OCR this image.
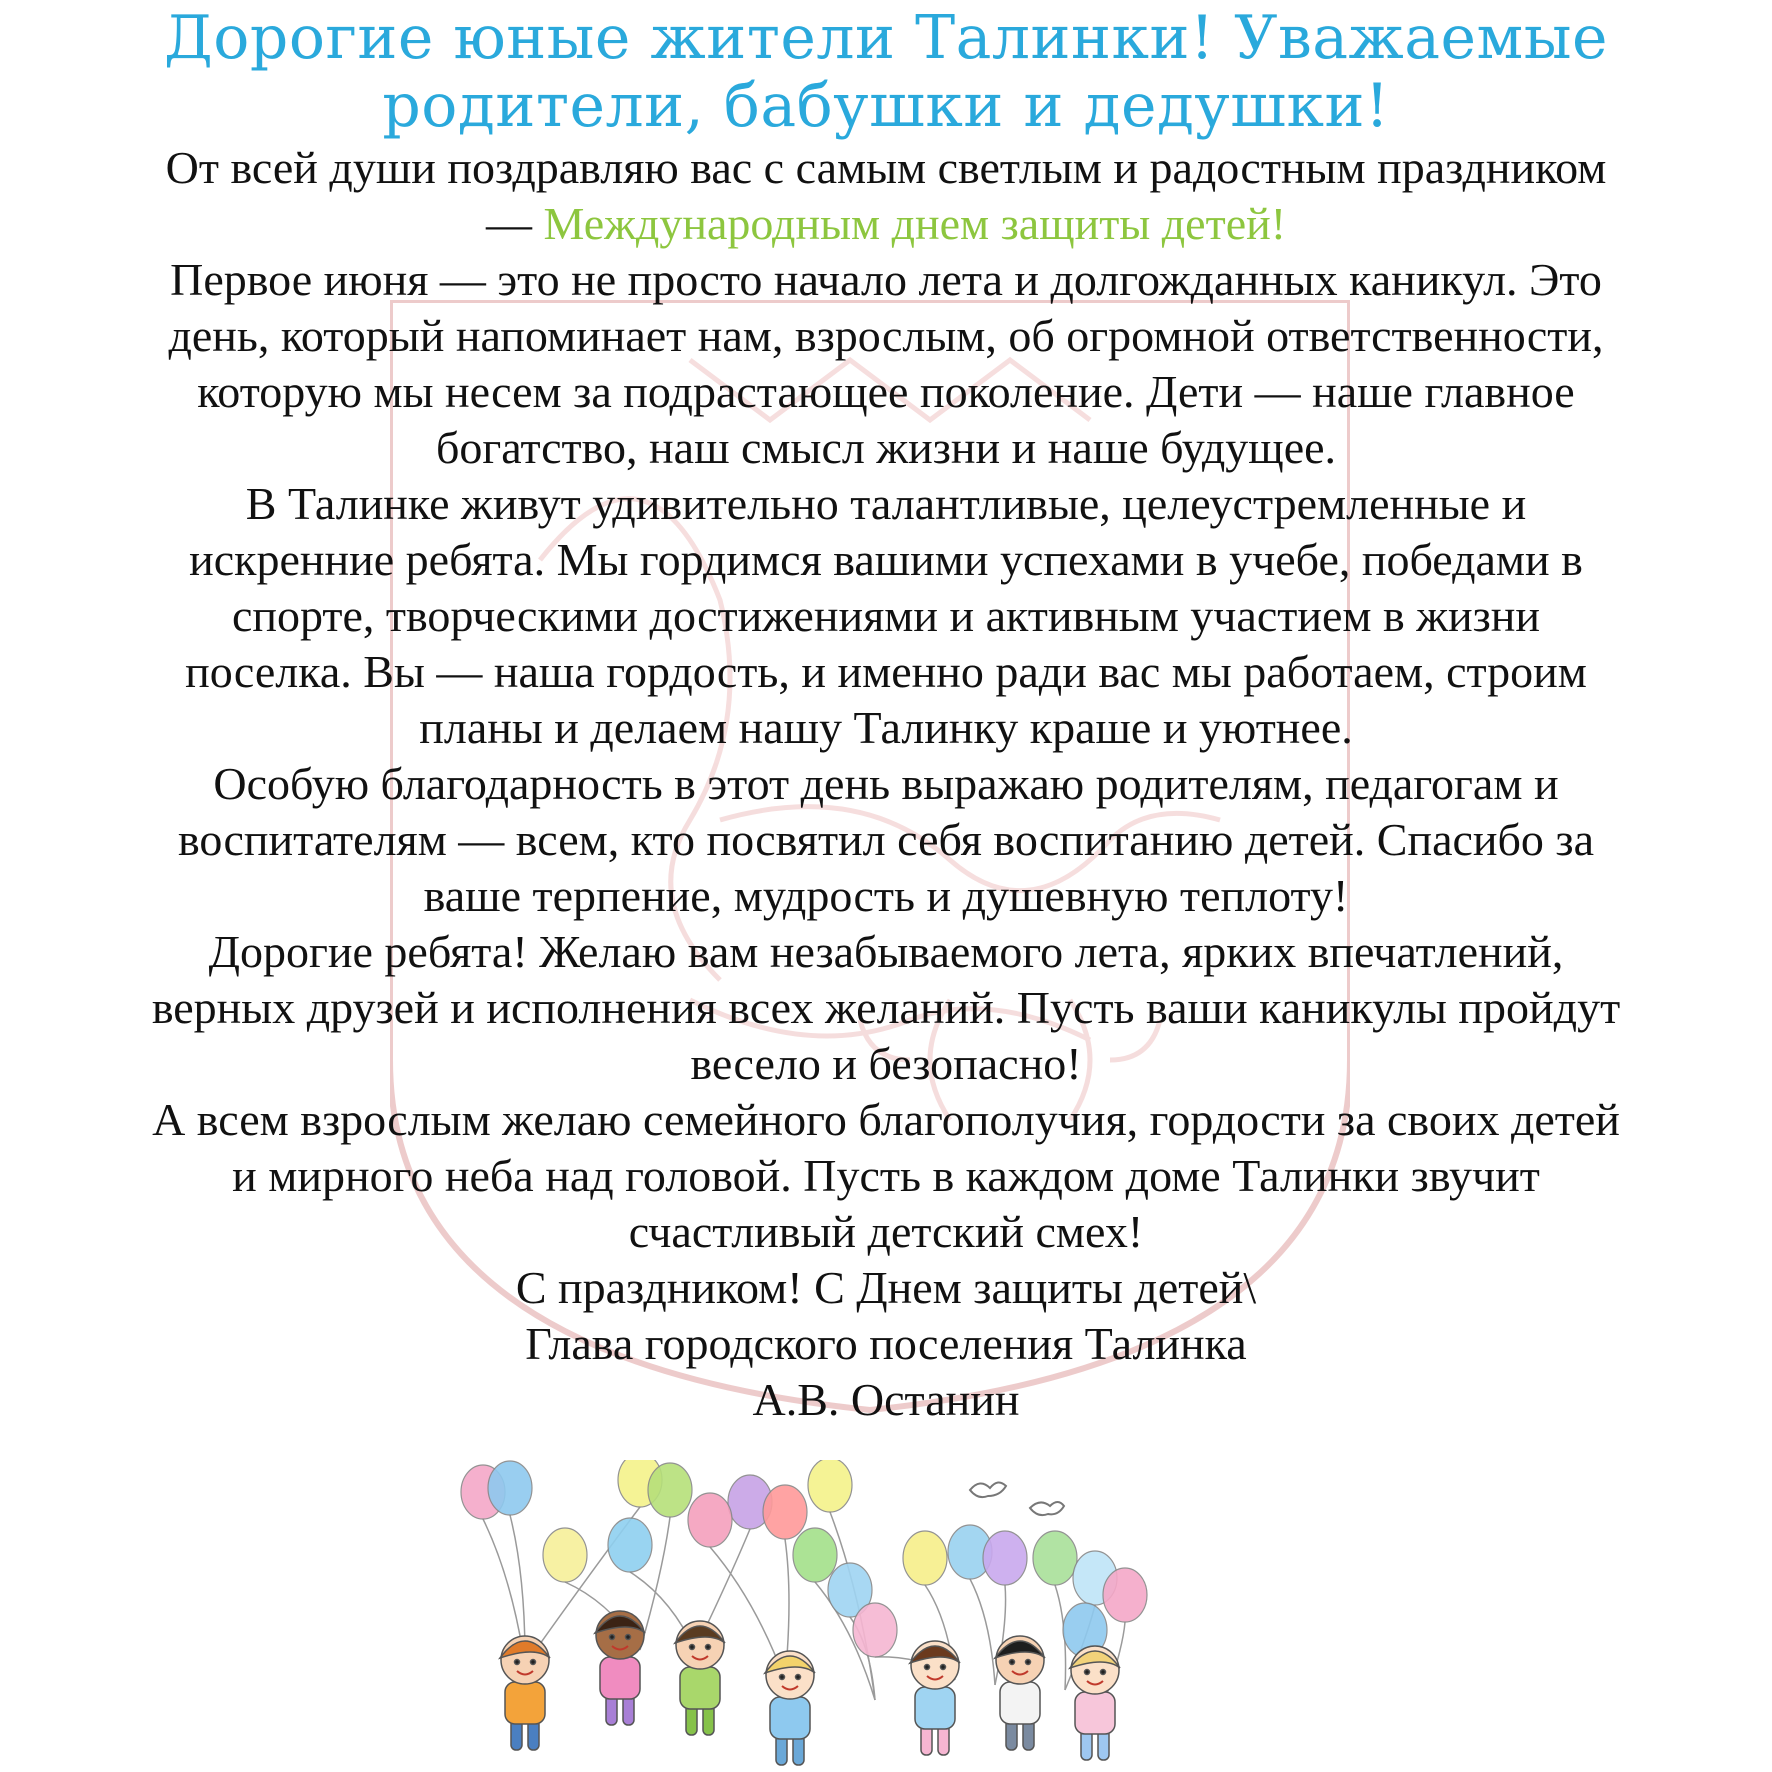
Дорогие юные жители Талинки! Уважаемые
родители, бабушки и дедушки!
От всей души поздравляю вас с самым светлым и радостным праздником
— Международным днем защиты детей!
Первое июня — это не просто начало лета и долгожданных каникул. Это
день, который напоминает нам, взрослым, об огромной ответственности,
которую мы несем за подрастающее поколение. Дети — наше главное
богатство, наш смысл жизни и наше будущее.
В Талинке живут удивительно талантливые, целеустремленные и
искренние ребята. Мы гордимся вашими успехами в учебе, победами в
спорте, творческими достижениями и активным участием в жизни
поселка. Вы — наша гордость, и именно ради вас мы работаем, строим
планы и делаем нашу Талинку краше и уютнее.
Особую благодарность в этот день выражаю родителям, педагогам и
воспитателям — всем, кто посвятил себя воспитанию детей. Спасибо за
ваше терпение, мудрость и душевную теплоту!
Дорогие ребята! Желаю вам незабываемого лета, ярких впечатлений,
верных друзей и исполнения всех желаний. Пусть ваши каникулы пройдут
весело и безопасно!
А всем взрослым желаю семейного благополучия, гордости за своих детей
и мирного неба над головой. Пусть в каждом доме Талинки звучит
счастливый детский смех!
С праздником! С Днем защиты детей\
Глава городского поселения Талинка
А.В. Останин
